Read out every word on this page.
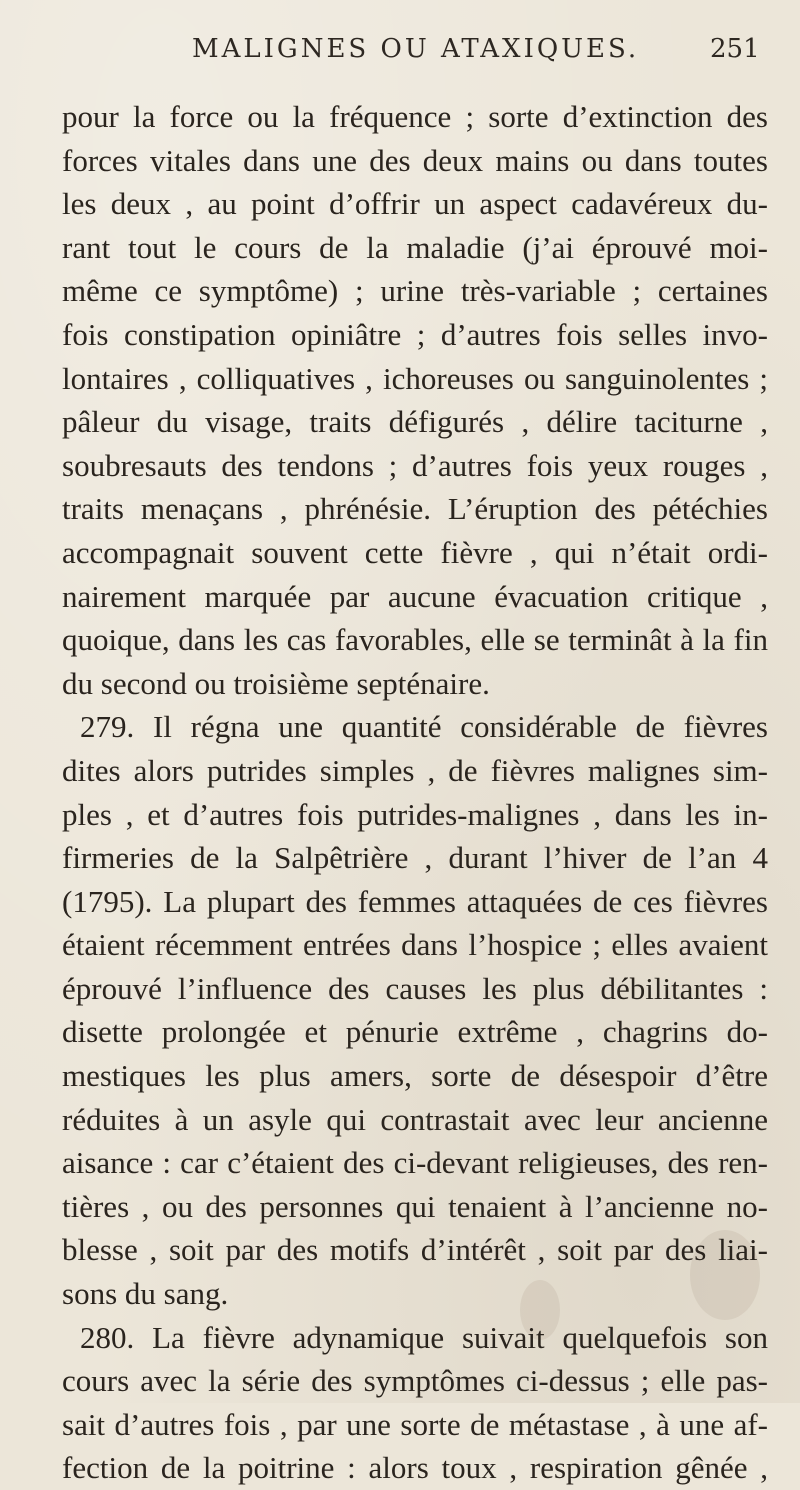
MALIGNES OU ATAXIQUES.	251
pour la force ou la fréquence ; sorte d’extinction des
forces vitales dans une des deux mains ou dans toutes
les deux , au point d’offrir un aspect cadavéreux du-
rant tout le cours de la maladie (j’ai éprouvé moi-
même ce symptôme) ; urine très-variable ; certaines
fois constipation opiniâtre ; d’autres fois selles invo-
lontaires , colliquatives , ichoreuses ou sanguinolentes ;
pâleur du visage, traits défigurés , délire taciturne ,
soubresauts des tendons ; d’autres fois yeux rouges ,
traits menaçans , phrénésie. L’éruption des pétéchies
accompagnait souvent cette fièvre , qui n’était ordi-
nairement marquée par aucune évacuation critique ,
quoique, dans les cas favorables, elle se terminât à la fin
du second ou troisième septénaire.
279. Il régna une quantité considérable de fièvres
dites alors putrides simples , de fièvres malignes sim-
ples , et d’autres fois putrides-malignes , dans les in-
firmeries de la Salpêtrière , durant l’hiver de l’an 4
(1795). La plupart des femmes attaquées de ces fièvres
étaient récemment entrées dans l’hospice ; elles avaient
éprouvé l’influence des causes les plus débilitantes :
disette prolongée et pénurie extrême , chagrins do-
mestiques les plus amers, sorte de désespoir d’être
réduites à un asyle qui contrastait avec leur ancienne
aisance : car c’étaient des ci-devant religieuses, des ren-
tières , ou des personnes qui tenaient à l’ancienne no-
blesse , soit par des motifs d’intérêt , soit par des liai-
sons du sang.
280. La fièvre adynamique suivait quelquefois son
cours avec la série des symptômes ci-dessus ; elle pas-
sait d’autres fois , par une sorte de métastase , à une af-
fection de la poitrine : alors toux , respiration gênée ,
